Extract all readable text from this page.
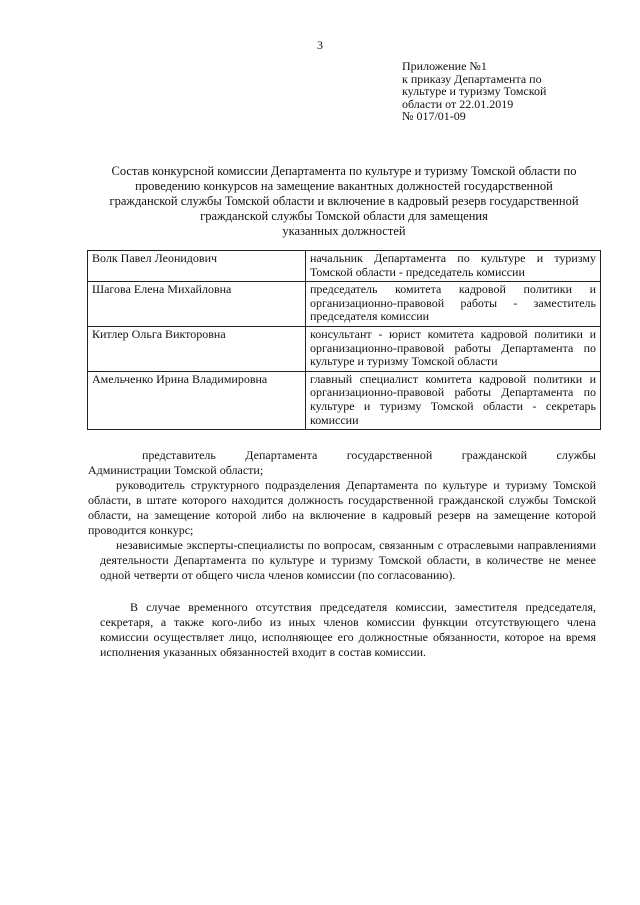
3
Приложение №1
к приказу Департамента по
культуре и туризму Томской
области от 22.01.2019
№ 017/01-09
Состав конкурсной комиссии Департамента по культуре и туризму Томской области по
проведению конкурсов на замещение вакантных должностей государственной
гражданской службы Томской области и включение в кадровый резерв государственной
гражданской службы Томской области для замещения
указанных должностей
Волк Павел Леонидович	начальник Департамента по культуре и туризму Томской области - председатель комиссии
Шагова Елена Михайловна	председатель комитета кадровой политики и организационно-правовой работы - заместитель председателя комиссии
Китлер Ольга Викторовна	консультант - юрист комитета кадровой политики и организационно-правовой работы Департамента по культуре и туризму Томской области
Амельченко Ирина Владимировна	главный специалист комитета кадровой политики и организационно-правовой работы Департамента по культуре и туризму Томской области - секретарь комиссии
представитель Департамента государственной гражданской службы
Администрации Томской области;
руководитель структурного подразделения Департамента по культуре и туризму Томской области, в штате которого находится должность государственной гражданской службы Томской области, на замещение которой либо на включение в кадровый резерв на замещение которой проводится конкурс;
независимые эксперты-специалисты по вопросам, связанным с отраслевыми направлениями деятельности Департамента по культуре и туризму Томской области, в количестве не менее одной четверти от общего числа членов комиссии (по согласованию).
В случае временного отсутствия председателя комиссии, заместителя председателя, секретаря, а также кого-либо из иных членов комиссии функции отсутствующего члена комиссии осуществляет лицо, исполняющее его должностные обязанности, которое на время исполнения указанных обязанностей входит в состав комиссии.
